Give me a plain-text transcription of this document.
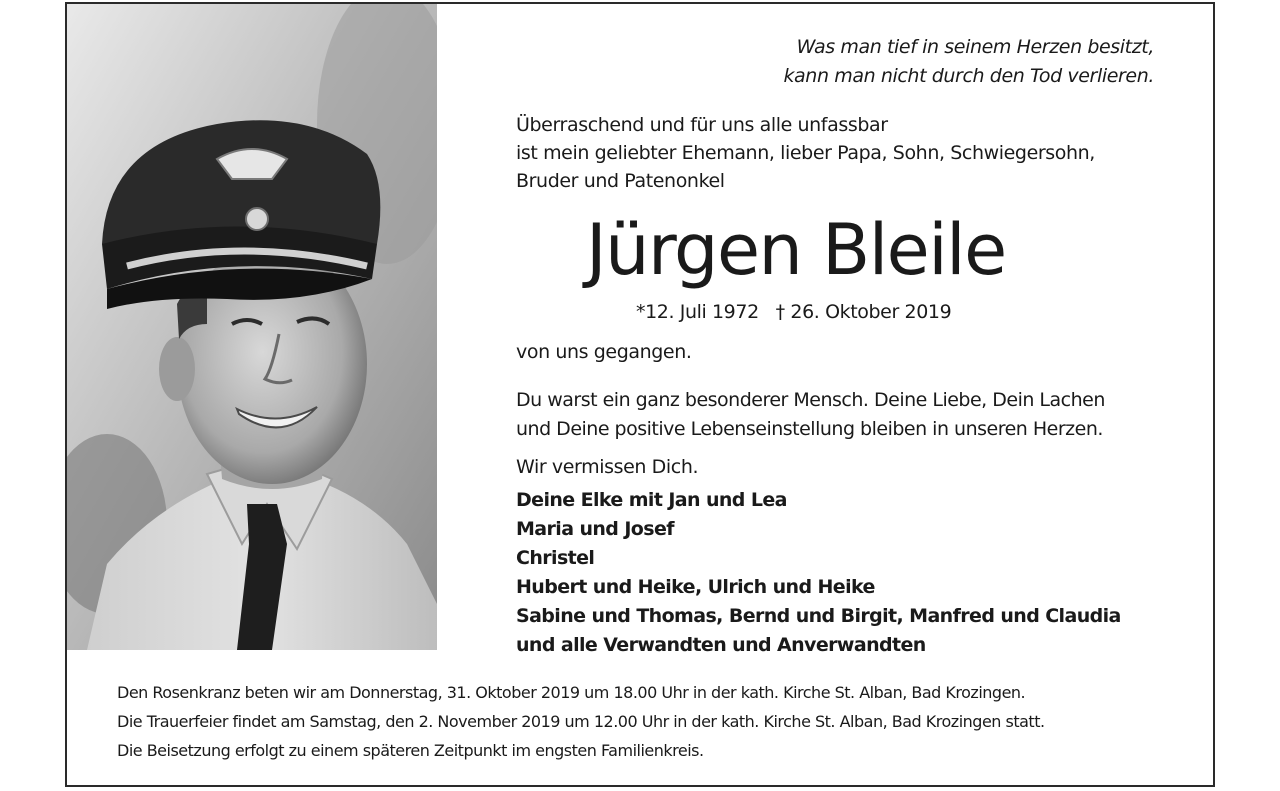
Was man tief in seinem Herzen besitzt,
kann man nicht durch den Tod verlieren.
Überraschend und für uns alle unfassbar
ist mein geliebter Ehemann, lieber Papa, Sohn, Schwiegersohn,
Bruder und Patenonkel
Jürgen Bleile
*12. Juli 1972   † 26. Oktober 2019
von uns gegangen.
Du warst ein ganz besonderer Mensch. Deine Liebe, Dein Lachen
und Deine positive Lebenseinstellung bleiben in unseren Herzen.
Wir vermissen Dich.
Deine Elke mit Jan und Lea
Maria und Josef
Christel
Hubert und Heike, Ulrich und Heike
Sabine und Thomas, Bernd und Birgit, Manfred und Claudia
und alle Verwandten und Anverwandten
Den Rosenkranz beten wir am Donnerstag, 31. Oktober 2019 um 18.00 Uhr in der kath. Kirche St. Alban, Bad Krozingen.
Die Trauerfeier findet am Samstag, den 2. November 2019 um 12.00 Uhr in der kath. Kirche St. Alban, Bad Krozingen statt.
Die Beisetzung erfolgt zu einem späteren Zeitpunkt im engsten Familienkreis.
